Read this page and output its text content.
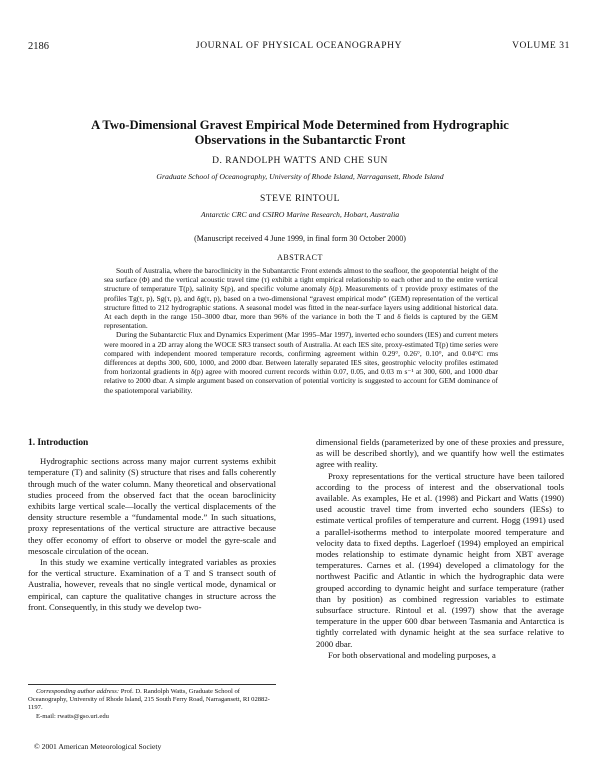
2186	JOURNAL OF PHYSICAL OCEANOGRAPHY	VOLUME 31
A Two-Dimensional Gravest Empirical Mode Determined from Hydrographic
Observations in the Subantarctic Front
D. RANDOLPH WATTS AND CHE SUN
Graduate School of Oceanography, University of Rhode Island, Narragansett, Rhode Island
STEVE RINTOUL
Antarctic CRC and CSIRO Marine Research, Hobart, Australia
(Manuscript received 4 June 1999, in final form 30 October 2000)
ABSTRACT

South of Australia, where the baroclinicity in the Subantarctic Front extends almost to the seafloor, the geopotential height of the sea surface (Φ) and the vertical acoustic travel time (τ) exhibit a tight empirical relationship to each other and to the entire vertical structure of temperature T(p), salinity S(p), and specific volume anomaly δ(p). Measurements of τ provide proxy estimates of the profiles Tg(τ, p), Sg(τ, p), and δg(τ, p), based on a two-dimensional “gravest empirical mode” (GEM) representation of the vertical structure fitted to 212 hydrographic stations. A seasonal model was fitted in the near-surface layers using additional historical data. At each depth in the range 150–3000 dbar, more than 96% of the variance in both the T and δ fields is captured by the GEM representation.

During the Subantarctic Flux and Dynamics Experiment (Mar 1995–Mar 1997), inverted echo sounders (IES) and current meters were moored in a 2D array along the WOCE SR3 transect south of Australia. At each IES site, proxy-estimated T(p) time series were compared with independent moored temperature records, confirming agreement within 0.29°, 0.26°, 0.10°, and 0.04°C rms differences at depths 300, 600, 1000, and 2000 dbar. Between laterally separated IES sites, geostrophic velocity profiles estimated from horizontal gradients in δ(p) agree with moored current records within 0.07, 0.05, and 0.03 m s⁻¹ at 300, 600, and 1000 dbar relative to 2000 dbar. A simple argument based on conservation of potential vorticity is suggested to account for GEM dominance of the spatiotemporal variability.

1. Introduction

Hydrographic sections across many major current systems exhibit temperature (T) and salinity (S) structure that rises and falls coherently through much of the water column. Many theoretical and observational studies proceed from the observed fact that the ocean baroclinicity exhibits large vertical scale—locally the vertical displacements of the density structure resemble a “fundamental mode.” In such situations, proxy representations of the vertical structure are attractive because they offer economy of effort to observe or model the gyre-scale and mesoscale circulation of the ocean.

In this study we examine vertically integrated variables as proxies for the vertical structure. Examination of a T and S transect south of Australia, however, reveals that no single vertical mode, dynamical or empirical, can capture the qualitative changes in structure across the front. Consequently, in this study we develop two-

dimensional fields (parameterized by one of these proxies and pressure, as will be described shortly), and we quantify how well the estimates agree with reality.

Proxy representations for the vertical structure have been tailored according to the process of interest and the observational tools available. As examples, He et al. (1998) and Pickart and Watts (1990) used acoustic travel time from inverted echo sounders (IESs) to estimate vertical profiles of temperature and current. Hogg (1991) used a parallel-isotherms method to interpolate moored temperature and velocity data to fixed depths. Lagerloef (1994) employed an empirical modes relationship to estimate dynamic height from XBT average temperatures. Carnes et al. (1994) developed a climatology for the northwest Pacific and Atlantic in which the hydrographic data were grouped according to dynamic height and surface temperature (rather than by position) as combined regression variables to estimate subsurface structure. Rintoul et al. (1997) show that the average temperature in the upper 600 dbar between Tasmania and Antarctica is tightly correlated with dynamic height at the sea surface relative to 2000 dbar.

For both observational and modeling purposes, a

Corresponding author address: Prof. D. Randolph Watts, Graduate School of Oceanography, University of Rhode Island, 215 South Ferry Road, Narragansett, RI 02882-1197.
E-mail: rwatts@gso.uri.edu
© 2001 American Meteorological Society
